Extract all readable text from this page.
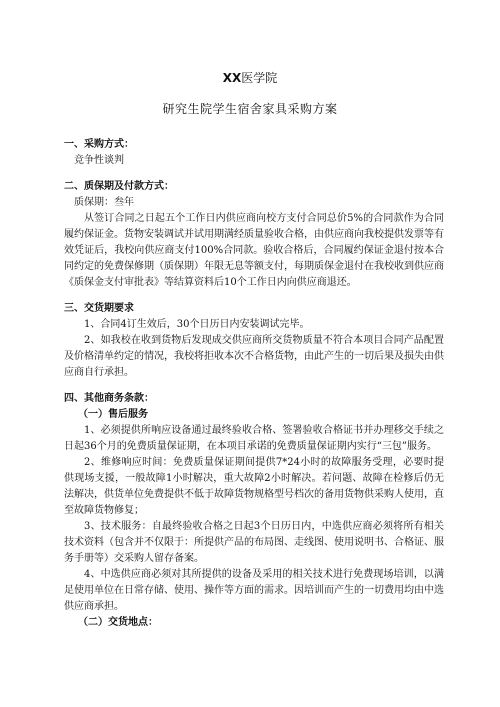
XX医学院
研究生院学生宿舍家具采购方案
一、采购方式：
竞争性谈判
二、质保期及付款方式：
质保期：叁年
从签订合同之日起五个工作日内供应商向校方支付合同总价5%的合同款作为合同履约保证金。货物安装调试并试用期满经质量验收合格，由供应商向我校提供发票等有效凭证后，我校向供应商支付100%合同款。验收合格后，合同履约保证金退付按本合同约定的免费保修期（质保期）年限无息等额支付，每期质保金退付在我校收到供应商《质保金支付审批表》等结算资料后10个工作日内向供应商退还。
三、交货期要求
1、合同4订生效后，30个日历日内安装调试完毕。
2、如我校在收到货物后发现成交供应商所交货物质量不符合本项目合同产品配置及价格清单约定的情况，我校将拒收本次不合格货物，由此产生的一切后果及损失由供应商自行承担。
四、其他商务条款：
（一）售后服务
1、必须提供所响应设备通过最终验收合格、签署验收合格证书并办理移交手续之日起36个月的免费质量保证期，在本项目承诺的免费质量保证期内实行“三包”服务。
2、维修响应时间：免费质量保证期间提供7*24小时的故障服务受理，必要时提供现场支援，一般故障1小时解决，重大故障2小时解决。若问题、故障在检修后仍无法解决，供货单位免费提供不低于故障货物规格型号档次的备用货物供采购人使用，直至故障货物修复；
3、技术服务：自最终验收合格之日起3个日历日内，中选供应商必须将所有相关技术资料（包含并不仅限于：所提供产品的布局图、走线图、使用说明书、合格证、服务手册等）交采购人留存备案。
4、中选供应商必须对其所提供的设备及采用的相关技术进行免费现场培训，以满足使用单位在日常存储、使用、操作等方面的需求。因培训而产生的一切费用均由中选供应商承担。
（二）交货地点：
